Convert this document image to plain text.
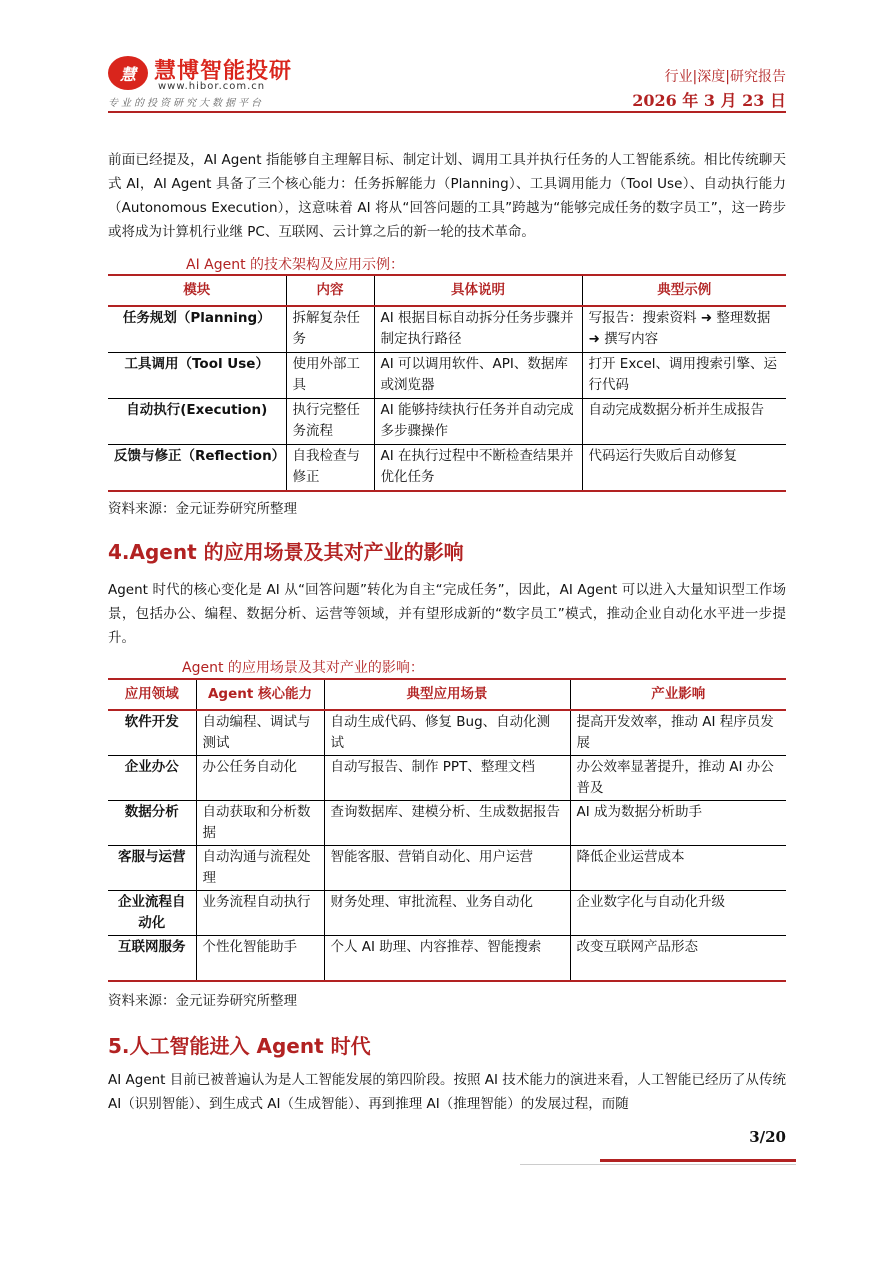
慧 慧博智能投研
www.hibor.com.cn
专业的投资研究大数据平台
行业|深度|研究报告
2026 年 3 月 23 日
前面已经提及，AI Agent 指能够自主理解目标、制定计划、调用工具并执行任务的人工智能系统。相比传统聊天式 AI，AI Agent 具备了三个核心能力：任务拆解能力（Planning）、工具调用能力（Tool Use）、自动执行能力（Autonomous Execution），这意味着 AI 将从“回答问题的工具”跨越为“能够完成任务的数字员工”，这一跨步或将成为计算机行业继 PC、互联网、云计算之后的新一轮的技术革命。
AI Agent 的技术架构及应用示例：
模块	内容	具体说明	典型示例
任务规划（Planning）	拆解复杂任务	AI 根据目标自动拆分任务步骤并制定执行路径	写报告：搜索资料 ➜ 整理数据 ➜ 撰写内容
工具调用（Tool Use）	使用外部工具	AI 可以调用软件、API、数据库或浏览器	打开 Excel、调用搜索引擎、运行代码
自动执行(Execution)	执行完整任务流程	AI 能够持续执行任务并自动完成多步骤操作	自动完成数据分析并生成报告
反馈与修正（Reflection）	自我检查与修正	AI 在执行过程中不断检查结果并优化任务	代码运行失败后自动修复
资料来源：金元证券研究所整理
4.Agent 的应用场景及其对产业的影响
Agent 时代的核心变化是 AI 从“回答问题”转化为自主“完成任务”，因此，AI Agent 可以进入大量知识型工作场景，包括办公、编程、数据分析、运营等领域，并有望形成新的“数字员工”模式，推动企业自动化水平进一步提升。
Agent 的应用场景及其对产业的影响：
应用领域	Agent 核心能力	典型应用场景	产业影响
软件开发	自动编程、调试与测试	自动生成代码、修复 Bug、自动化测试	提高开发效率，推动 AI 程序员发展
企业办公	办公任务自动化	自动写报告、制作 PPT、整理文档	办公效率显著提升，推动 AI 办公普及
数据分析	自动获取和分析数据	查询数据库、建模分析、生成数据报告	AI 成为数据分析助手
客服与运营	自动沟通与流程处理	智能客服、营销自动化、用户运营	降低企业运营成本
企业流程自动化	业务流程自动执行	财务处理、审批流程、业务自动化	企业数字化与自动化升级
互联网服务	个性化智能助手	个人 AI 助理、内容推荐、智能搜索	改变互联网产品形态
资料来源：金元证券研究所整理
5.人工智能进入 Agent 时代
AI Agent 目前已被普遍认为是人工智能发展的第四阶段。按照 AI 技术能力的演进来看，人工智能已经历了从传统 AI（识别智能）、到生成式 AI（生成智能）、再到推理 AI（推理智能）的发展过程，而随
3/20
